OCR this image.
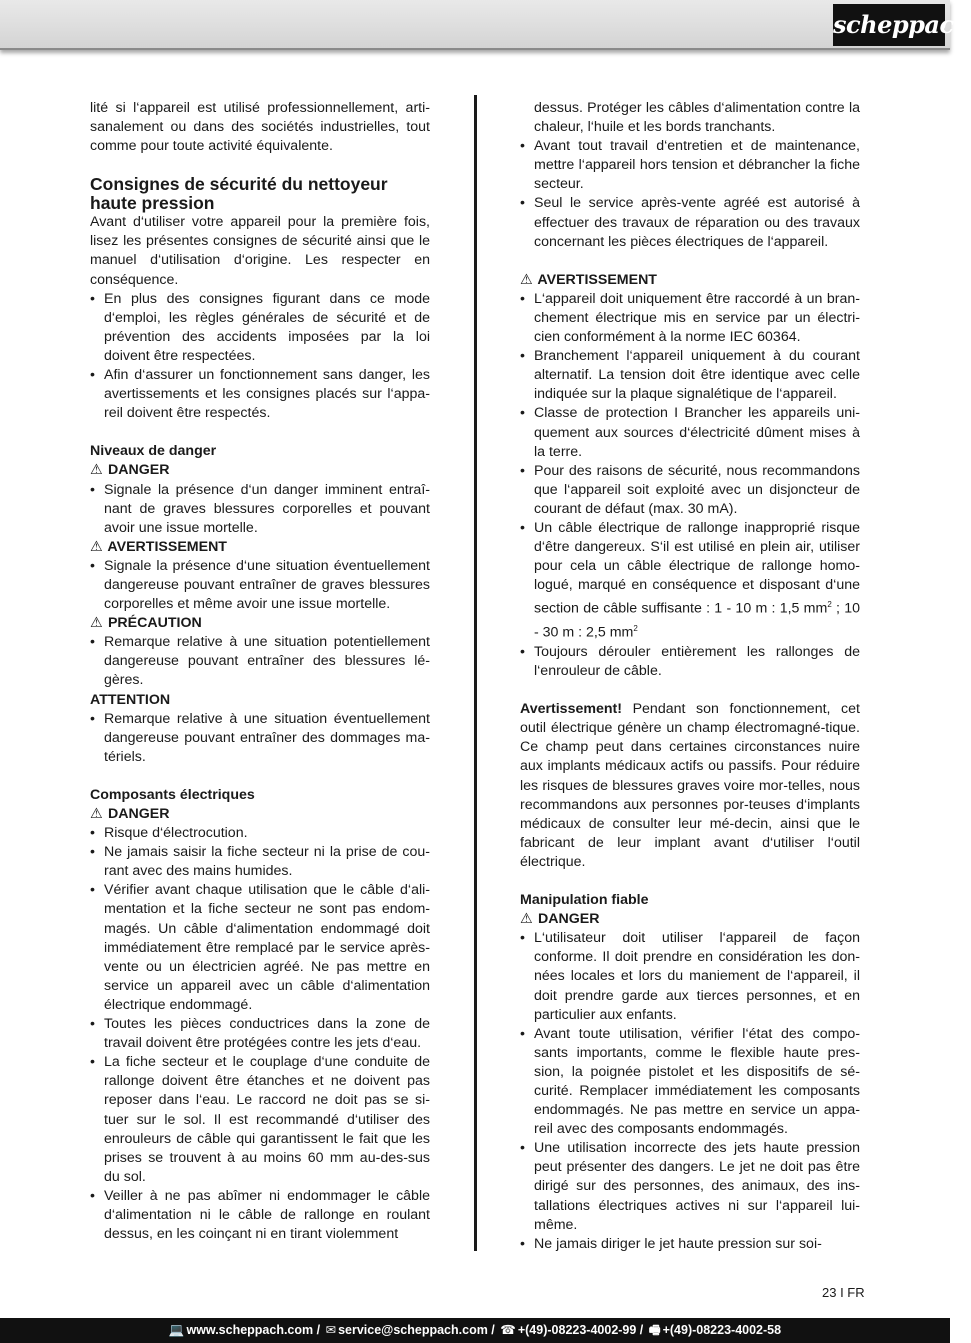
scheppach

lité si l‘appareil est utilisé professionnellement, arti-sanalement ou dans des sociétés industrielles, tout comme pour toute activité équivalente.

Consignes de sécurité du nettoyeur haute pression

Avant d‘utiliser votre appareil pour la première fois, lisez les présentes consignes de sécurité ainsi que le manuel d‘utilisation d‘origine. Les respecter en conséquence.

• En plus des consignes figurant dans ce mode d‘emploi, les règles générales de sécurité et de prévention des accidents imposées par la loi doivent être respectées.
• Afin d‘assurer un fonctionnement sans danger, les avertissements et les consignes placés sur l‘appa-reil doivent être respectés.
Niveaux de danger
⚠ DANGER
• Signale la présence d‘un danger imminent entraî-nant de graves blessures corporelles et pouvant avoir une issue mortelle.
⚠ AVERTISSEMENT
• Signale la présence d‘une situation éventuellement dangereuse pouvant entraîner de graves blessures corporelles et même avoir une issue mortelle.
⚠ PRÉCAUTION
• Remarque relative à une situation potentiellement dangereuse pouvant entraîner des blessures lé-gères.
ATTENTION
• Remarque relative à une situation éventuellement dangereuse pouvant entraîner des dommages ma-tériels.
Composants électriques
⚠ DANGER
• Risque d‘électrocution.
• Ne jamais saisir la fiche secteur ni la prise de cou-rant avec des mains humides.
• Vérifier avant chaque utilisation que le câble d‘ali-mentation et la fiche secteur ne sont pas endom-magés. Un câble d‘alimentation endommagé doit immédiatement être remplacé par le service après-vente ou un électricien agréé. Ne pas mettre en service un appareil avec un câble d‘alimentation électrique endommagé.
• Toutes les pièces conductrices dans la zone de travail doivent être protégées contre les jets d‘eau.
• La fiche secteur et le couplage d‘une conduite de rallonge doivent être étanches et ne doivent pas reposer dans l‘eau. Le raccord ne doit pas se si-tuer sur le sol. Il est recommandé d‘utiliser des enrouleurs de câble qui garantissent le fait que les prises se trouvent à au moins 60 mm au-des-sus du sol.
• Veiller à ne pas abîmer ni endommager le câble d‘alimentation ni le câble de rallonge en roulant dessus, en les coinçant ni en tirant violemment

dessus. Protéger les câbles d‘alimentation contre la chaleur, l‘huile et les bords tranchants.

• Avant tout travail d‘entretien et de maintenance, mettre l‘appareil hors tension et débrancher la fiche secteur.
• Seul le service après-vente agréé est autorisé à effectuer des travaux de réparation ou des travaux concernant les pièces électriques de l‘appareil.
⚠ AVERTISSEMENT
• L‘appareil doit uniquement être raccordé à un bran-chement électrique mis en service par un électri-cien conformément à la norme IEC 60364.
• Branchement l‘appareil uniquement à du courant alternatif. La tension doit être identique avec celle indiquée sur la plaque signalétique de l‘appareil.
• Classe de protection I Brancher les appareils uni-quement aux sources d‘électricité dûment mises à la terre.
• Pour des raisons de sécurité, nous recommandons que l‘appareil soit exploité avec un disjoncteur de courant de défaut (max. 30 mA).
• Un câble électrique de rallonge inapproprié risque d‘être dangereux. S‘il est utilisé en plein air, utiliser pour cela un câble électrique de rallonge homo-logué, marqué en conséquence et disposant d‘une section de câble suffisante : 1 - 10 m : 1,5 $mm^2$ ; 10 - 30 m : 2,5 $mm^2$
• Toujours dérouler entièrement les rallonges de l‘enrouleur de câble.

Avertissement! Pendant son fonctionnement, cet outil électrique génère un champ électromagné-tique. Ce champ peut dans certaines circonstances nuire aux implants médicaux actifs ou passifs. Pour réduire les risques de blessures graves voire mor-telles, nous recommandons aux personnes por-teuses d‘implants médicaux de consulter leur mé-decin, ainsi que le fabricant de leur implant avant d‘utiliser l‘outil électrique.

Manipulation fiable
⚠ DANGER
• L‘utilisateur doit utiliser l‘appareil de façon conforme. Il doit prendre en considération les don-nées locales et lors du maniement de l‘appareil, il doit prendre garde aux tierces personnes, et en particulier aux enfants.
• Avant toute utilisation, vérifier l‘état des compo-sants importants, comme le flexible haute pres-sion, la poignée pistolet et les dispositifs de sé-curité. Remplacer immédiatement les composants endommagés. Ne pas mettre en service un appa-reil avec des composants endommagés.
• Une utilisation incorrecte des jets haute pression peut présenter des dangers. Le jet ne doit pas être dirigé sur des personnes, des animaux, des ins-tallations électriques actives ni sur l‘appareil lui-même.
• Ne jamais diriger le jet haute pression sur soi-
23 I FR
💻 www.scheppach.com / ✉ service@scheppach.com / ☎ +(49)-08223-4002-99 / 🖷 +(49)-08223-4002-58
